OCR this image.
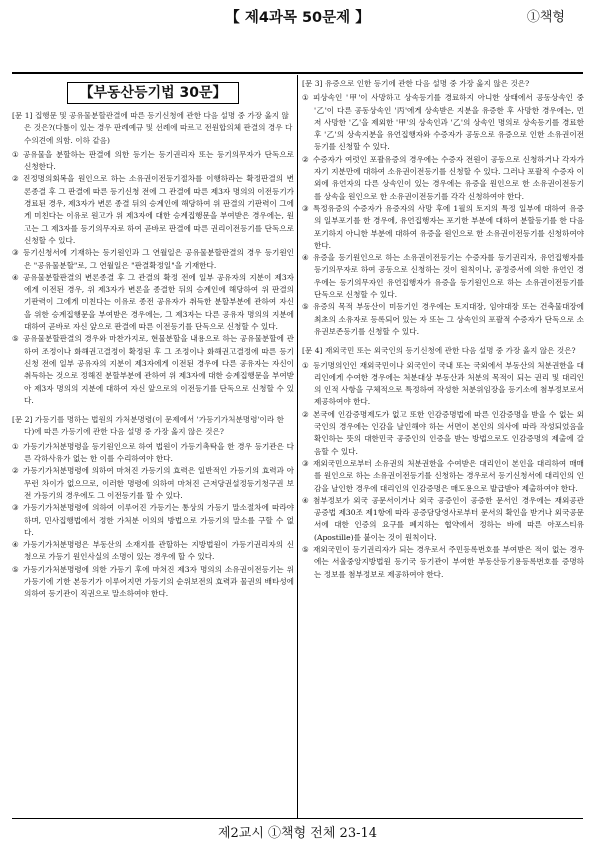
【 제4과목 50문제 】	①책형
【부동산등기법 30문】

[문 1] 집행문 및 공유물분할관결에 따른 등기신청에 관한 다음 설명 중 가장 옳지 않은 것은?(다툼이 있는 경우 판례예규 및 선례에 따르고 전원합의체 판결의 경우 다수의견에 의함. 이하 같음)

① 공유물을 분할하는 판결에 의한 등기는 등기권리자 또는 등기의무자가 단독으로 신청한다.

② 진정명의회복을 원인으로 하는 소유권이전등기절차를 이행하라는 확정판결의 변론종결 후 그 판결에 따른 등기신청 전에 그 관결에 따른 제3자 명의의 이전등기가 경료된 경우, 제3자가 변론 종결 뒤의 승계인에 해당하여 위 판결의 기판력이 그에게 미친다는 이유로 원고가 위 제3자에 대한 승계집행문을 부여받은 경우에는, 원고는 그 제3자를 등기의무자로 하여 곧바로 판결에 따른 권리이전등기를 단독으로 신청할 수 있다.

③ 등기신청서에 기재하는 등기원인과 그 연월일은 공유물분할판결의 경우 등기원인은 "공유물분할"로, 그 연월일은 "판결확정일"을 기재한다.

④ 공유물분할판결의 변론종결 후 그 관결의 확정 전에 일부 공유자의 지분이 제3자에게 이전된 경우, 위 제3자가 변론을 종결한 뒤의 승계인에 해당하여 위 판결의 기판력이 그에게 미친다는 이유로 종전 공유자가 취득한 분할부분에 관하여 자신을 위한 승계집행문을 부여받은 경우에는, 그 제3자는 다른 공유자 명의의 지분에 대하여 곧바로 자신 앞으로 판결에 따른 이전등기를 단독으로 신청할 수 있다.

⑤ 공유물분할판결의 경우와 마찬가지로, 현물분할을 내용으로 하는 공유물분할에 관하여 조정이나 화해권고결정이 확정된 후 그 조정이나 화해권고결정에 따른 등기신청 전에 일부 공유자의 지분이 제3자에게 이전된 경우에 다른 공유자는 자신이 취득하는 것으로 정해진 분할부분에 관하여 위 제3자에 대한 승계집행문을 부여받아 제3자 명의의 지분에 대하여 자신 앞으로의 이전등기를 단독으로 신청할 수 있다.

[문 2] 가등기를 명하는 법원의 가처분명령(이 문제에서 '가등기가처분명령'이라 한다)에 따른 가등기에 관한 다음 설명 중 가장 옳지 않은 것은?

① 가등기가처분명령을 등기원인으로 하여 법원이 가등기촉탁을 한 경우 등기관은 다른 각하사유가 없는 한 이를 수리하여야 한다.

② 가등기가처분명령에 의하여 마쳐진 가등기의 효력은 일반적인 가등기의 효력과 아무런 차이가 없으므로, 이러한 명령에 의하여 마쳐진 근저당권설정등기청구권 보전 가등기의 경우에도 그 이전등기를 할 수 있다.

③ 가등기가처분명령에 의하여 이루어진 가등기는 통상의 가등기 말소절차에 따라야 하며, 민사집행법에서 정한 가처분 이의의 방법으로 가등기의 말소를 구할 수 없다.

④ 가등기가처분명령은 부동산의 소재지를 관할하는 지방법원이 가등기권리자의 신청으로 가등기 원인사실의 소명이 있는 경우에 할 수 있다.

⑤ 가등기가처분명령에 의한 가등기 후에 마쳐진 제3자 명의의 소유권이전등기는 위 가등기에 기한 본등기가 이루어지면 가등기의 순위보전의 효력과 물권의 배타성에 의하여 등기관이 직권으로 말소하여야 한다.

[문 3] 유증으로 인한 등기에 관한 다음 설명 중 가장 옳지 않은 것은?

① 피상속인 '甲'이 사망하고 상속등기를 경료하지 아니한 상태에서 공동상속인 중 '乙'이 다른 공동상속인 '丙'에게 상속받은 지분을 유증한 후 사망한 경우에는, 먼저 사망한 '乙'을 제외한 '甲'의 상속인과 '乙'의 상속인 명의로 상속등기를 경료한 후 '乙'의 상속지분을 유언집행자와 수증자가 공동으로 유증으로 인한 소유권이전등기를 신청할 수 있다.

② 수증자가 여럿인 포괄유증의 경우에는 수증자 전원이 공동으로 신청하거나 각자가 자기 지분만에 대하여 소유권이전등기를 신청할 수 있다. 그러나 포괄적 수증자 이외에 유언자의 다른 상속인이 있는 경우에는 유증을 원인으로 한 소유권이전등기를 상속을 원인으로 한 소유권이전등기를 각각 신청하여야 한다.

③ 특정유증의 수증자가 유증자의 사망 후에 1필의 토지의 특정 일부에 대하여 유증의 일부포기를 한 경우에, 유언집행자는 포기한 부분에 대하여 분할등기를 한 다음 포기하지 아니한 부분에 대하여 유증을 원인으로 한 소유권이전등기를 신청하여야 한다.

④ 유증을 등기원인으로 하는 소유권이전등기는 수증자를 등기권리자, 유언집행자를 등기의무자로 하여 공동으로 신청하는 것이 원칙이나, 공정증서에 의한 유언인 경우에는 등기의무자인 유언집행자가 유증을 등기원인으로 하는 소유권이전등기를 단독으로 신청할 수 있다.

⑤ 유증의 목적 부동산이 미등기인 경우에는 토지대장, 임야대장 또는 건축물대장에 최초의 소유자로 등록되어 있는 자 또는 그 상속인의 포괄적 수증자가 단독으로 소유권보존등기를 신청할 수 있다.

[문 4] 재외국민 또는 외국인의 등기신청에 관한 다음 설명 중 가장 옳지 않은 것은?

① 등기명의인인 재외국민이나 외국인이 국내 또는 국외에서 부동산의 처분권한을 대리인에게 수여한 경우에는 처분대상 부동산과 처분의 목적이 되는 권리 및 대리인의 인적 사항을 구체적으로 특정하여 작성한 처분위임장을 등기소에 첨부정보로서 제공하여야 한다.

② 본국에 인감증명제도가 없고 또한 인감증명법에 따른 인감증명을 받을 수 없는 외국인의 경우에는 인감을 날인해야 하는 서면이 본인의 의사에 따라 작성되었음을 확인하는 뜻의 대한민국 공증인의 인증을 받는 방법으로도 인감증명의 제출에 갈음할 수 있다.

③ 재외국민으로부터 소유권의 처분권한을 수여받은 대리인이 본인을 대리하여 매매를 원인으로 하는 소유권이전등기를 신청하는 경우로서 등기신청서에 대리인의 인감을 날인한 경우에 대리인의 인감증명은 매도용으로 발급받아 제출하여야 한다.

④ 첨부정보가 외국 공문서이거나 외국 공증인이 공증한 문서인 경우에는 재외공관 공증법 제30조 제1항에 따라 공증담당영사로부터 문서의 확인을 받거나 외국공문서에 대한 인증의 요구를 폐지하는 협약에서 정하는 바에 따른 아포스티유(Apostille)를 붙이는 것이 원칙이다.

⑤ 재외국민이 등기권리자가 되는 경우로서 주민등록번호를 부여받은 적이 없는 경우에는 서울중앙지방법원 등기국 등기관이 부여한 부동산등기용등록번호를 증명하는 정보를 첨부정보로 제공하여야 한다.

제2교시 ①책형 전체 23-14
